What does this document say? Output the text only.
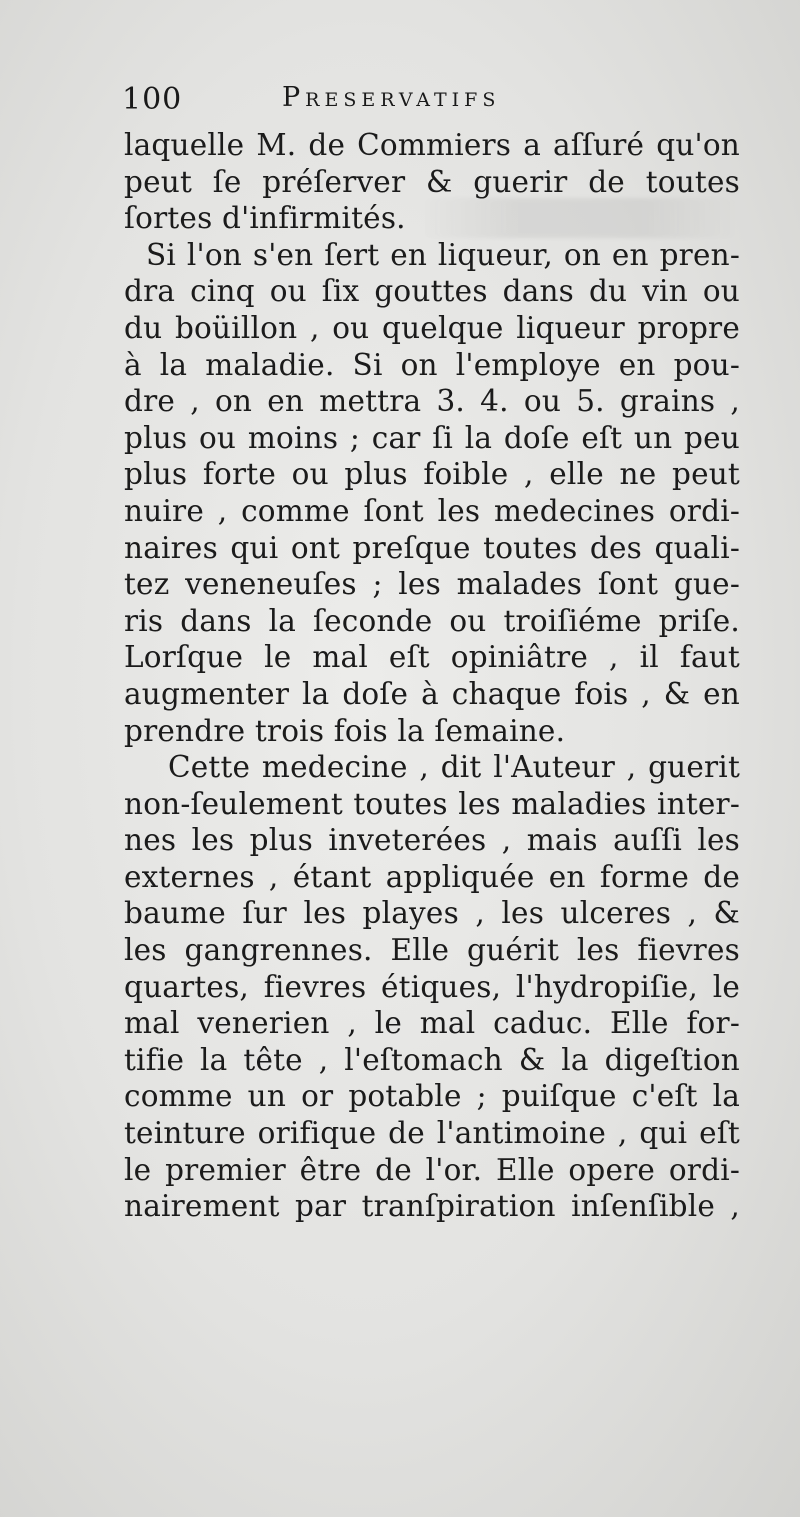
100	Preservatifs
laquelle M. de Commiers a aſſuré qu'on
peut ſe préſerver & guerir de toutes
ſortes d'infirmités.
Si l'on s'en ſert en liqueur, on en pren-
dra cinq ou ſix gouttes dans du vin ou
du boüillon , ou quelque liqueur propre
à la maladie. Si on l'employe en pou-
dre , on en mettra 3. 4. ou 5. grains ,
plus ou moins ; car ſi la doſe eſt un peu
plus forte ou plus foible , elle ne peut
nuire , comme ſont les medecines ordi-
naires qui ont preſque toutes des quali-
tez veneneuſes ; les malades ſont gue-
ris dans la ſeconde ou troiſiéme priſe.
Lorſque le mal eſt opiniâtre , il faut
augmenter la doſe à chaque fois , & en
prendre trois fois la ſemaine.
Cette medecine , dit l'Auteur , guerit
non-ſeulement toutes les maladies inter-
nes les plus inveterées , mais auſſi les
externes , étant appliquée en forme de
baume ſur les playes , les ulceres , &
les gangrennes. Elle guérit les fievres
quartes, fievres étiques, l'hydropiſie, le
mal venerien , le mal caduc. Elle for-
tifie la tête , l'eſtomach & la digeſtion
comme un or potable ; puiſque c'eſt la
teinture orifique de l'antimoine , qui eſt
le premier être de l'or. Elle opere ordi-
nairement par tranſpiration inſenſible ,
